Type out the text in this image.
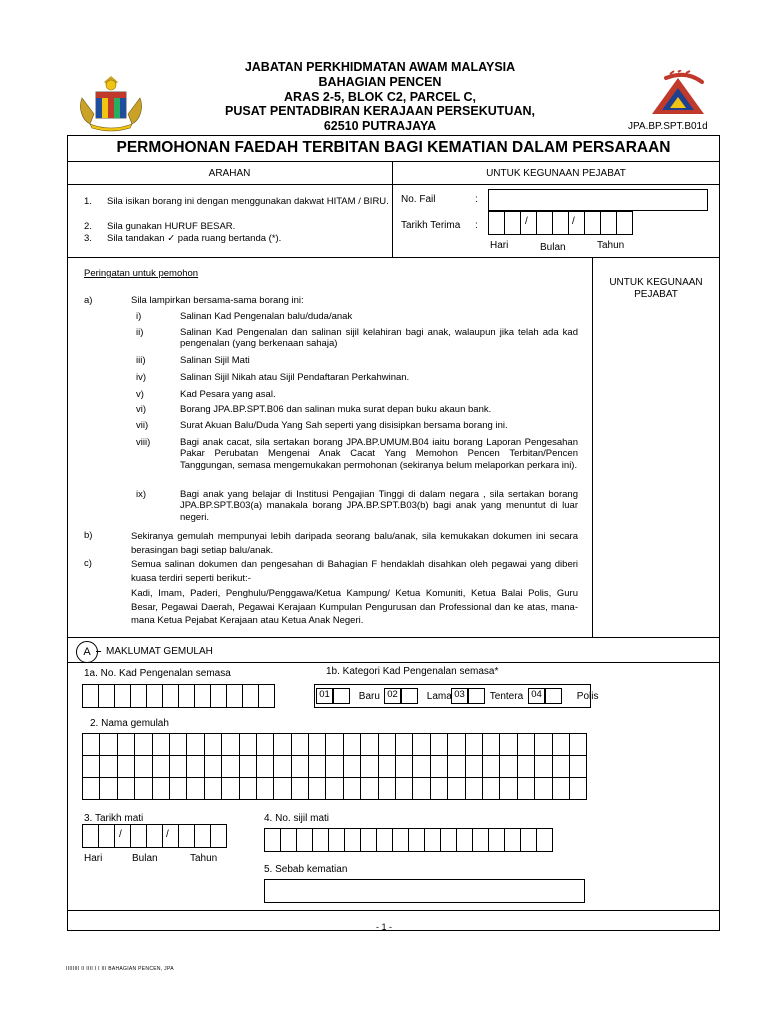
JABATAN PERKHIDMATAN AWAM MALAYSIA
BAHAGIAN PENCEN
ARAS 2-5, BLOK C2, PARCEL C,
PUSAT PENTADBIRAN KERAJAAN PERSEKUTUAN,
62510 PUTRAJAYA	JPA.BP.SPT.B01d
PERMOHONAN FAEDAH TERBITAN BAGI KEMATIAN DALAM PERSARAAN
ARAHAN	UNTUK KEGUNAAN PEJABAT
1. Sila isikan borang ini dengan menggunakan dakwat HITAM / BIRU.
2. Sila gunakan HURUF BESAR.
3. Sila tandakan ✓ pada ruang bertanda (*).
No. Fail	:
Tarikh Terima :	/	/
Hari	Bulan	Tahun
UNTUK KEGUNAAN PEJABAT
Peringatan untuk pemohon
a)	Sila lampirkan bersama-sama borang ini:
i)	Salinan Kad Pengenalan balu/duda/anak
ii)	Salinan Kad Pengenalan dan salinan sijil kelahiran bagi anak, walaupun jika telah ada kad pengenalan (yang berkenaan sahaja)
iii)	Salinan Sijil Mati
iv)	Salinan Sijil Nikah atau Sijil Pendaftaran Perkahwinan.
v)	Kad Pesara yang asal.
vi)	Borang JPA.BP.SPT.B06 dan salinan muka surat depan buku akaun bank.
vii)	Surat Akuan Balu/Duda Yang Sah seperti yang disisipkan bersama borang ini.
viii)	Bagi anak cacat, sila sertakan borang JPA.BP.UMUM.B04 iaitu borang Laporan Pengesahan Pakar Perubatan Mengenai Anak Cacat Yang Memohon Pencen Terbitan/Pencen Tanggungan, semasa mengemukakan permohonan (sekiranya belum melaporkan perkara ini).
ix)	Bagi anak yang belajar di Institusi Pengajian Tinggi di dalam negara , sila sertakan borang JPA.BP.SPT.B03(a) manakala borang JPA.BP.SPT.B03(b) bagi anak yang menuntut di luar negeri.
b)	Sekiranya gemulah mempunyai lebih daripada seorang balu/anak, sila kemukakan dokumen ini secara berasingan bagi setiap balu/anak.
c)	Semua salinan dokumen dan pengesahan di Bahagian F hendaklah disahkan oleh pegawai yang diberi kuasa terdiri seperti berikut:-
Kadi, Imam, Paderi, Penghulu/Penggawa/Ketua Kampung/ Ketua Komuniti, Ketua Balai Polis, Guru Besar, Pegawai Daerah, Pegawai Kerajaan Kumpulan Pengurusan dan Professional dan ke atas, mana-mana Ketua Pejabat Kerajaan atau Ketua Anak Negeri.
A	MAKLUMAT GEMULAH
1a. No. Kad Pengenalan semasa	1b. Kategori Kad Pengenalan semasa*
01	Baru 02	Lama 03	Tentera 04	Polis
2. Nama gemulah
3. Tarikh mati
/	/
Hari	Bulan	Tahun
4. No. sijil mati
5. Sebab kematian
- 1 -
IIIIIIII II IIII I I III BAHAGIAN PENCEN, JPA
